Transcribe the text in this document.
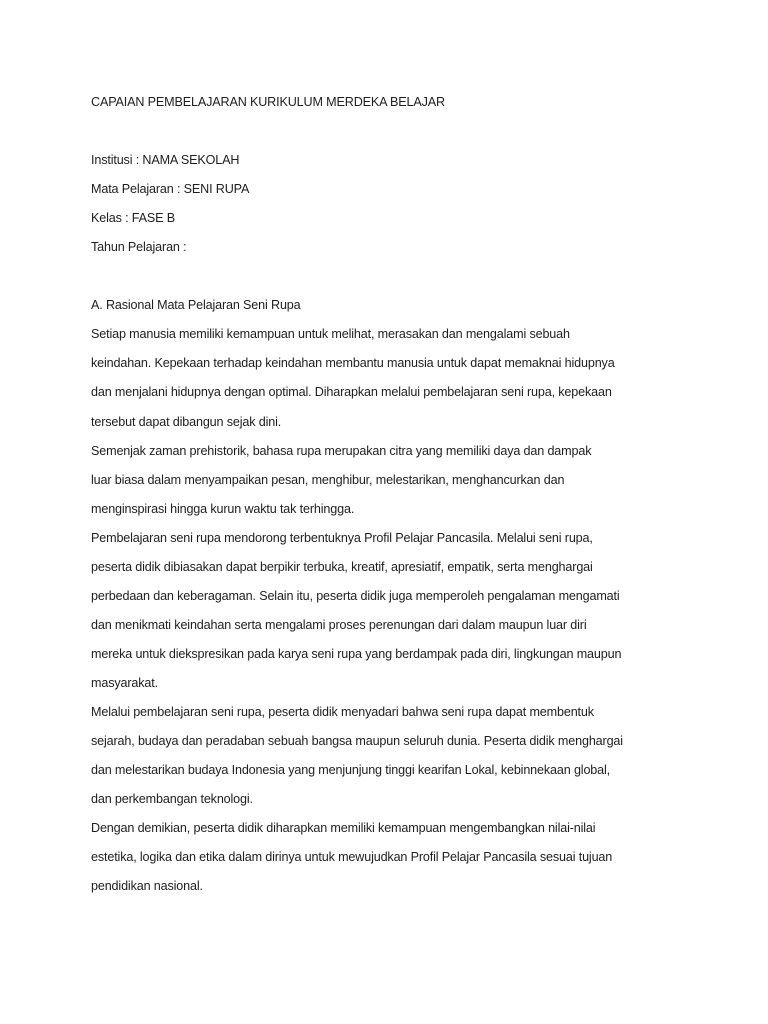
CAPAIAN PEMBELAJARAN KURIKULUM MERDEKA BELAJAR
Institusi : NAMA SEKOLAH
Mata Pelajaran : SENI RUPA
Kelas : FASE B
Tahun Pelajaran :
A. Rasional Mata Pelajaran Seni Rupa
Setiap manusia memiliki kemampuan untuk melihat, merasakan dan mengalami sebuah
keindahan. Kepekaan terhadap keindahan membantu manusia untuk dapat memaknai hidupnya
dan menjalani hidupnya dengan optimal. Diharapkan melalui pembelajaran seni rupa, kepekaan
tersebut dapat dibangun sejak dini.
Semenjak zaman prehistorik, bahasa rupa merupakan citra yang memiliki daya dan dampak
luar biasa dalam menyampaikan pesan, menghibur, melestarikan, menghancurkan dan
menginspirasi hingga kurun waktu tak terhingga.
Pembelajaran seni rupa mendorong terbentuknya Profil Pelajar Pancasila. Melalui seni rupa,
peserta didik dibiasakan dapat berpikir terbuka, kreatif, apresiatif, empatik, serta menghargai
perbedaan dan keberagaman. Selain itu, peserta didik juga memperoleh pengalaman mengamati
dan menikmati keindahan serta mengalami proses perenungan dari dalam maupun luar diri
mereka untuk diekspresikan pada karya seni rupa yang berdampak pada diri, lingkungan maupun
masyarakat.
Melalui pembelajaran seni rupa, peserta didik menyadari bahwa seni rupa dapat membentuk
sejarah, budaya dan peradaban sebuah bangsa maupun seluruh dunia. Peserta didik menghargai
dan melestarikan budaya Indonesia yang menjunjung tinggi kearifan Lokal, kebinnekaan global,
dan perkembangan teknologi.
Dengan demikian, peserta didik diharapkan memiliki kemampuan mengembangkan nilai-nilai
estetika, logika dan etika dalam dirinya untuk mewujudkan Profil Pelajar Pancasila sesuai tujuan
pendidikan nasional.
